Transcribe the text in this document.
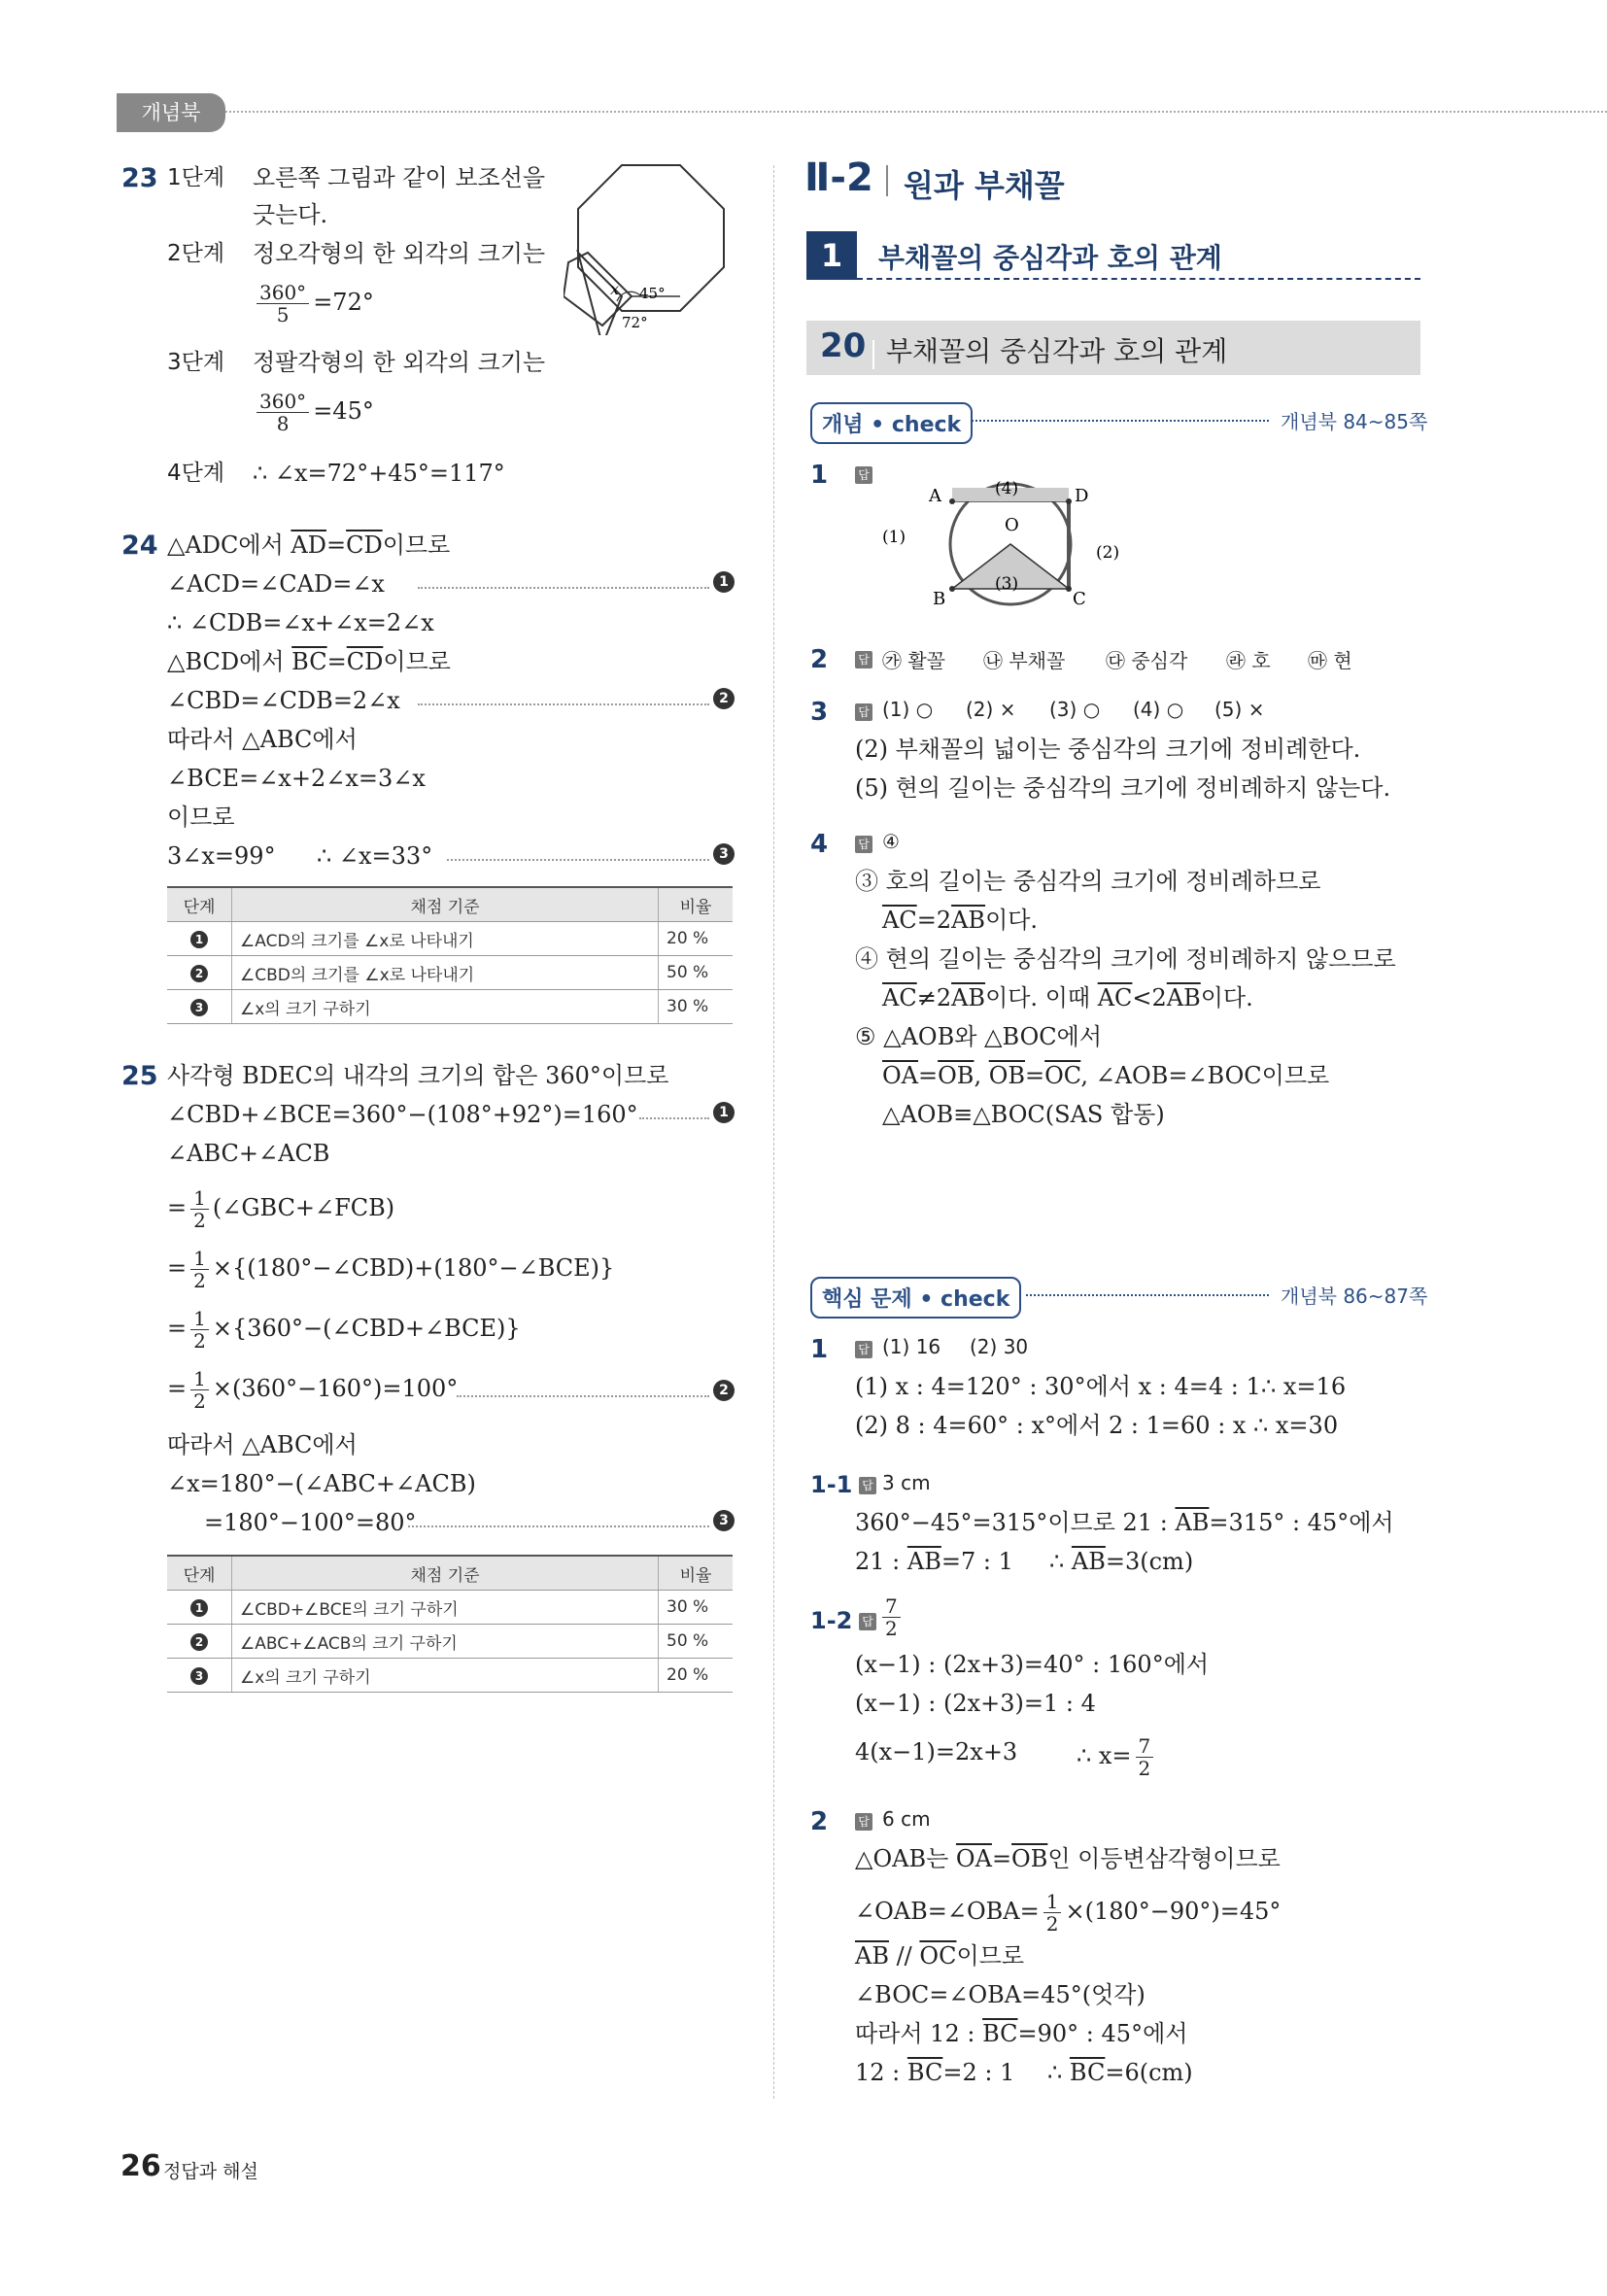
개념북
23 1단계 오른쪽 그림과 같이 보조선을
긋는다.
2단계 정오각형의 한 외각의 크기는
$\frac{360^\circ}{5} =72^\circ$
3단계 정팔각형의 한 외각의 크기는
$\frac{360^\circ}{8} =45^\circ$
4단계 ∴ ∠x=72°+45°=117°
x 45°
72°
24 △ADC에서 $\overline{AD}=\overline{CD}$이므로
∠ACD=∠CAD=∠x	1
∴ ∠CDB=∠x+∠x=2∠x
△BCD에서 $\overline{BC}=\overline{CD}$이므로
∠CBD=∠CDB=2∠x	2
따라서 △ABC에서
∠BCE=∠x+2∠x=3∠x
이므로
3∠x=99° ∴ ∠x=33°	3
단계	채점 기준	비율
1	∠ACD의 크기를 ∠x로 나타내기	20 %
2	∠CBD의 크기를 ∠x로 나타내기	50 %
3	∠x의 크기 구하기	30 %
25 사각형 BDEC의 내각의 크기의 합은 360°이므로
∠CBD+∠BCE=360°−(108°+92°)=160°	1
∠ABC+∠ACB
= $\frac{1}{2}$ (∠GBC+∠FCB)
= $\frac{1}{2}$ ×{(180°−∠CBD)+(180°−∠BCE)}
= $\frac{1}{2}$ ×{360°−(∠CBD+∠BCE)}
= $\frac{1}{2} \times(360^\circ-160^\circ)=100^\circ$	2
따라서 △ABC에서
∠x=180°−(∠ABC+∠ACB)
=180°−100°=80°	3
단계	채점 기준	비율
1	∠CBD+∠BCE의 크기 구하기	30 %
2	∠ABC+∠ACB의 크기 구하기	50 %
3	∠x의 크기 구하기	20 %
Ⅱ-2 원과 부채꼴
1	부채꼴의 중심각과 호의 관계
20 부채꼴의 중심각과 호의 관계
개념 • check	개념북 84~85쪽
1	답
A	D
B	C
O
(1)
(2)
(3)
(4)
2	답 ㉮ 활꼴 ㉯ 부채꼴 ㉰ 중심각 ㉱ 호 ㉲ 현
3	답 (1) ○ (2) × (3) ○ (4) ○ (5) ×
(2) 부채꼴의 넓이는 중심각의 크기에 정비례한다.
(5) 현의 길이는 중심각의 크기에 정비례하지 않는다.
4	답 ④
③ 호의 길이는 중심각의 크기에 정비례하므로
$\overline{AC}=2\overline{AB}$이다.
④ 현의 길이는 중심각의 크기에 정비례하지 않으므로
$\overline{AC}\ne 2\overline{AB}$이다. 이때 $\overline{AC}<2\overline{AB}$이다.
⑤ △AOB와 △BOC에서
$\overline{OA}=\overline{OB}$, $\overline{OB}=\overline{OC}$, ∠AOB=∠BOC이므로
△AOB≡△BOC(SAS 합동)
핵심 문제 • check	개념북 86~87쪽
1	답 (1) 16 (2) 30
(1) x : 4=120° : 30°에서 x : 4=4 : 1 ∴ x=16
(2) 8 : 4=60° : x°에서 2 : 1=60 : x ∴ x=30
1-1 답 3 cm
360°−45°=315°이므로 21 : $\overline{AB}=315^\circ$ : 45°에서
21 : $\overline{AB}=7$ : 1 ∴ $\overline{AB}=3(cm)$
1-2 답 $\frac{7}{2}$
(x−1) : (2x+3)=40° : 160°에서
(x−1) : (2x+3)=1 : 4
4(x−1)=2x+3	∴ $x= \frac{7}{2}$
2	답 6 cm
△OAB는 $\overline{OA}=\overline{OB}$인 이등변삼각형이므로
∠OAB=∠OBA= $\frac{1}{2} \times(180^\circ-90^\circ)=45^\circ$
$\overline{AB} // \overline{OC}$이므로
∠BOC=∠OBA=45°(엇각)
따라서 12 : $\overline{BC}=90^\circ$ : 45°에서
12 : $\overline{BC}=2$ : 1 ∴ $\overline{BC}=6(cm)$
26 정답과 해설
